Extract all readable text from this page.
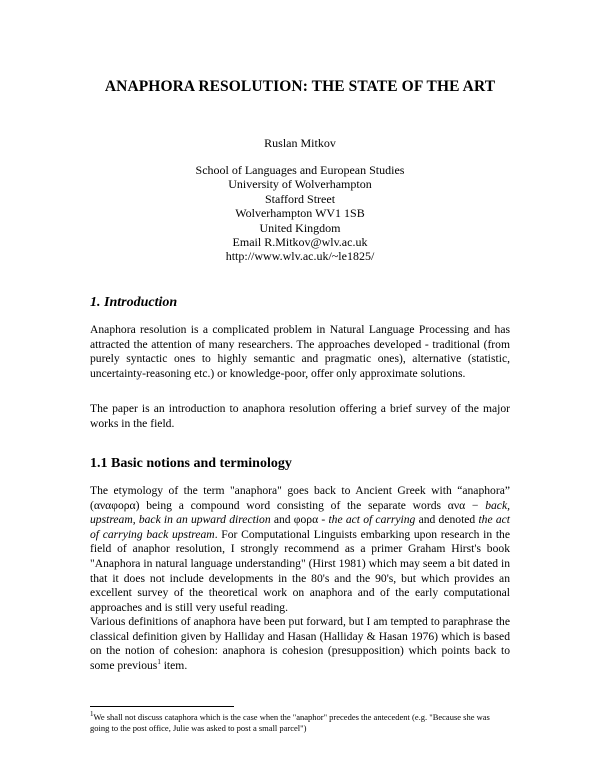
ANAPHORA RESOLUTION: THE STATE OF THE ART
Ruslan Mitkov
School of Languages and European Studies
University of Wolverhampton
Stafford Street
Wolverhampton WV1 1SB
United Kingdom
Email R.Mitkov@wlv.ac.uk
http://www.wlv.ac.uk/~le1825/
1. Introduction

Anaphora resolution is a complicated problem in Natural Language Processing and has attracted the attention of many researchers. The approaches developed - traditional (from purely syntactic ones to highly semantic and pragmatic ones), alternative (statistic, uncertainty-reasoning etc.) or knowledge-poor, offer only approximate solutions.

The paper is an introduction to anaphora resolution offering a brief survey of the major works in the field.

1.1 Basic notions and terminology

The etymology of the term "anaphora" goes back to Ancient Greek with “anaphora” (αναφορα) being a compound word consisting of the separate words ανα − back, upstream, back in an upward direction and φορα - the act of carrying and denoted the act of carrying back upstream. For Computational Linguists embarking upon research in the field of anaphor resolution, I strongly recommend as a primer Graham Hirst's book "Anaphora in natural language understanding" (Hirst 1981) which may seem a bit dated in that it does not include developments in the 80's and the 90's, but which provides an excellent survey of the theoretical work on anaphora and of the early computational approaches and is still very useful reading.

Various definitions of anaphora have been put forward, but I am tempted to paraphrase the classical definition given by Halliday and Hasan (Halliday & Hasan 1976) which is based on the notion of cohesion: anaphora is cohesion (presupposition) which points back to some previous$^1$ item.

$^1$We shall not discuss cataphora which is the case when the "anaphor" precedes the antecedent (e.g. "Because she was going to the post office, Julie was asked to post a small parcel")
